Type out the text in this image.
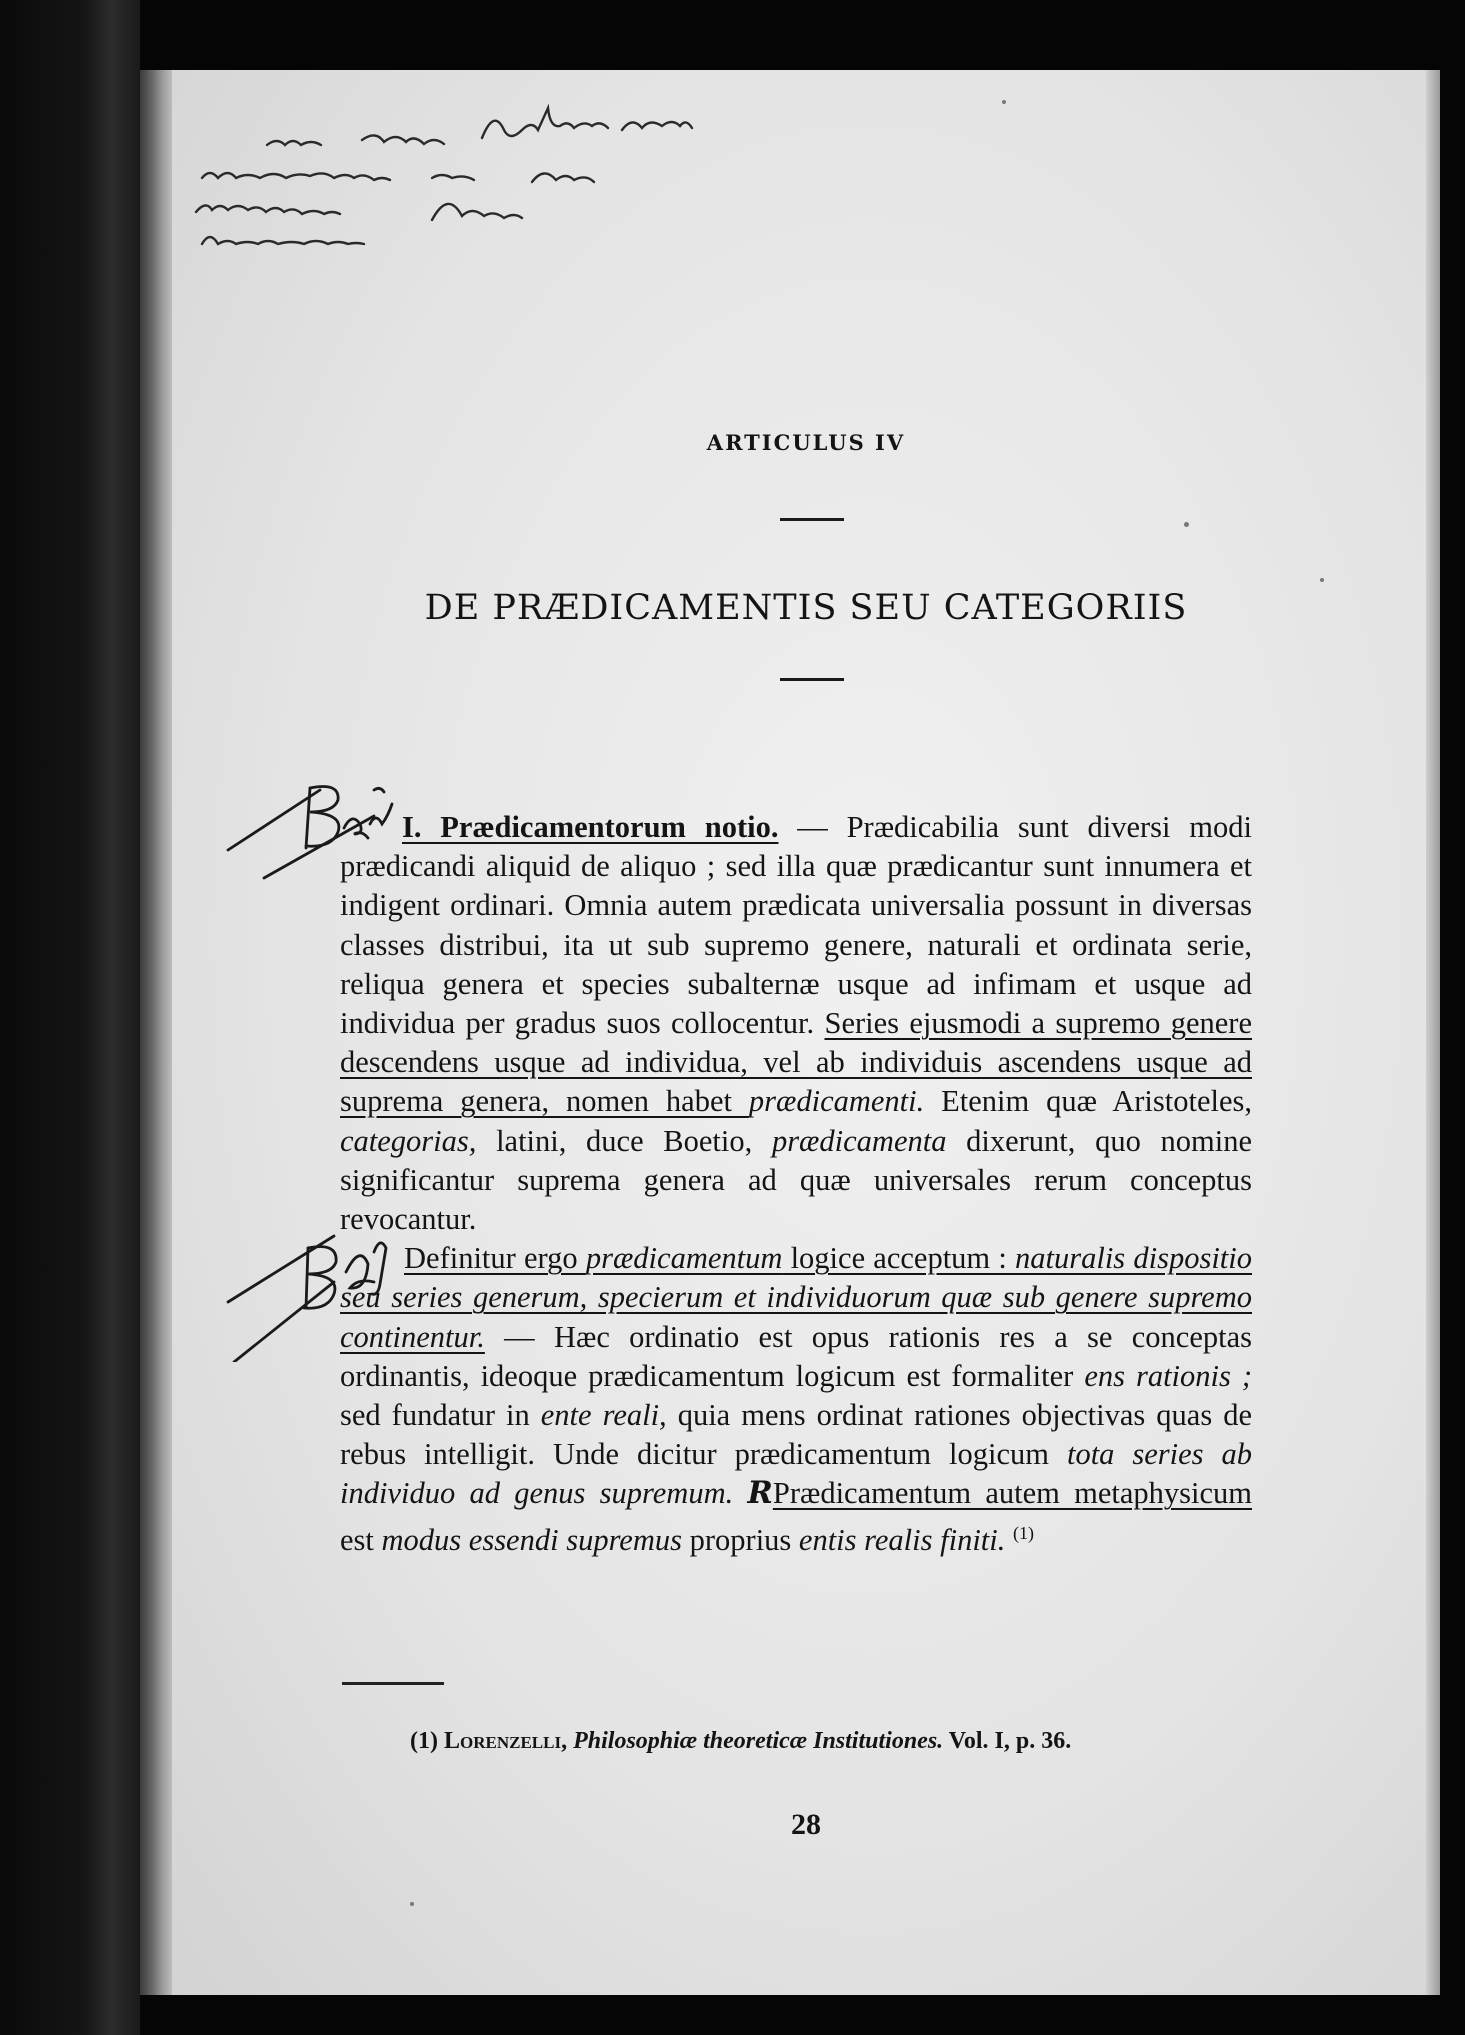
ARTICULUS IV
DE PRÆDICAMENTIS SEU CATEGORIIS

I. Prædicamentorum notio. — Prædicabilia sunt diversi modi prædicandi aliquid de aliquo ; sed illa quæ prædicantur sunt innumera et indigent ordinari. Omnia autem prædicata universalia possunt in diversas classes distribui, ita ut sub supremo genere, naturali et ordinata serie, reliqua genera et species subalternæ usque ad infimam et usque ad individua per gradus suos collocentur. Series ejusmodi a supremo genere descendens usque ad individua, vel ab individuis ascendens usque ad suprema genera, nomen habet prædicamenti. Etenim quæ Aristoteles, categorias, latini, duce Boetio, prædicamenta dixerunt, quo nomine significantur suprema genera ad quæ universales rerum conceptus revocantur.

Definitur ergo prædicamentum logice acceptum : naturalis dispositio seu series generum, specierum et individuorum quæ sub genere supremo continentur. — Hæc ordinatio est opus rationis res a se conceptas ordinantis, ideoque prædicamentum logicum est formaliter ens rationis ; sed fundatur in ente reali, quia mens ordinat rationes objectivas quas de rebus intelligit. Unde dicitur prædicamentum logicum tota series ab individuo ad genus supremum. RPrædicamentum autem metaphysicum est modus essendi supremus proprius entis realis finiti. $^{(1)}$

(1) Lorenzelli, Philosophiæ theoreticæ Institutiones. Vol. I, p. 36.
28
